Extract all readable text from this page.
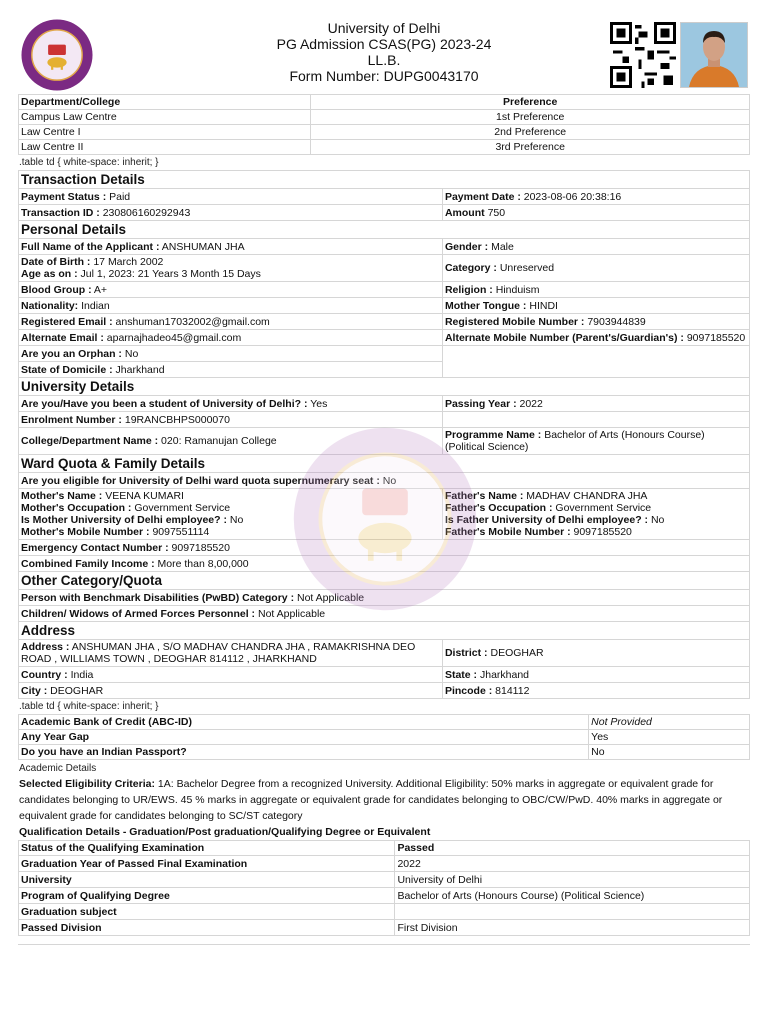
University of Delhi
PG Admission CSAS(PG) 2023-24
LL.B.
Form Number: DUPG0043170
Department/College	Preference
Campus Law Centre	1st Preference
Law Centre I	2nd Preference
Law Centre II	3rd Preference
.table td { white-space: inherit; }
Transaction Details	
Payment Status : Paid	Payment Date : 2023-08-06 20:38:16
Transaction ID : 230806160292943	Amount 750
Personal Details	
Full Name of the Applicant : ANSHUMAN JHA	Gender : Male
Date of Birth : 17 March 2002
Age as on : Jul 1, 2023: 21 Years 3 Month 15 Days	Category : Unreserved
Blood Group : A+	Religion : Hinduism
Nationality: Indian	Mother Tongue : HINDI
Registered Email : anshuman17032002@gmail.com	Registered Mobile Number : 7903944839
Alternate Email : aparnajhadeo45@gmail.com	Alternate Mobile Number (Parent's/Guardian's) : 9097185520
Are you an Orphan : No	
State of Domicile : Jharkhand	
University Details	
Are you/Have you been a student of University of Delhi? : Yes	Passing Year : 2022
Enrolment Number : 19RANCBHPS000070	
College/Department Name : 020: Ramanujan College	Programme Name : Bachelor of Arts (Honours Course) (Political Science)
Ward Quota & Family Details	
Are you eligible for University of Delhi ward quota supernumerary seat : No	
Mother's Name : VEENA KUMARI
Mother's Occupation : Government Service
Is Mother University of Delhi employee? : No
Mother's Mobile Number : 9097551114	Father's Name : MADHAV CHANDRA JHA
Father's Occupation : Government Service
Is Father University of Delhi employee? : No
Father's Mobile Number : 9097185520
Emergency Contact Number : 9097185520	
Combined Family Income : More than 8,00,000	
Other Category/Quota	
Person with Benchmark Disabilities (PwBD) Category : Not Applicable	
Children/ Widows of Armed Forces Personnel : Not Applicable	
Address	
Address : ANSHUMAN JHA , S/O MADHAV CHANDRA JHA , RAMAKRISHNA DEO ROAD , WILLIAMS TOWN , DEOGHAR 814112 , JHARKHAND	District : DEOGHAR
Country : India	State : Jharkhand
City : DEOGHAR	Pincode : 814112
.table td { white-space: inherit; }
Academic Bank of Credit (ABC-ID)	Not Provided
Any Year Gap	Yes
Do you have an Indian Passport?	No
Academic Details
Selected Eligibility Criteria: 1A: Bachelor Degree from a recognized University. Additional Eligibility: 50% marks in aggregate or equivalent grade for candidates belonging to UR/EWS. 45 % marks in aggregate or equivalent grade for candidates belonging to OBC/CW/PwD. 40% marks in aggregate or equivalent grade for candidates belonging to SC/ST category
Qualification Details - Graduation/Post graduation/Qualifying Degree or Equivalent
Status of the Qualifying Examination	Passed
Graduation Year of Passed Final Examination	2022
University	University of Delhi
Program of Qualifying Degree	Bachelor of Arts (Honours Course) (Political Science)
Graduation subject	
Passed Division	First Division
